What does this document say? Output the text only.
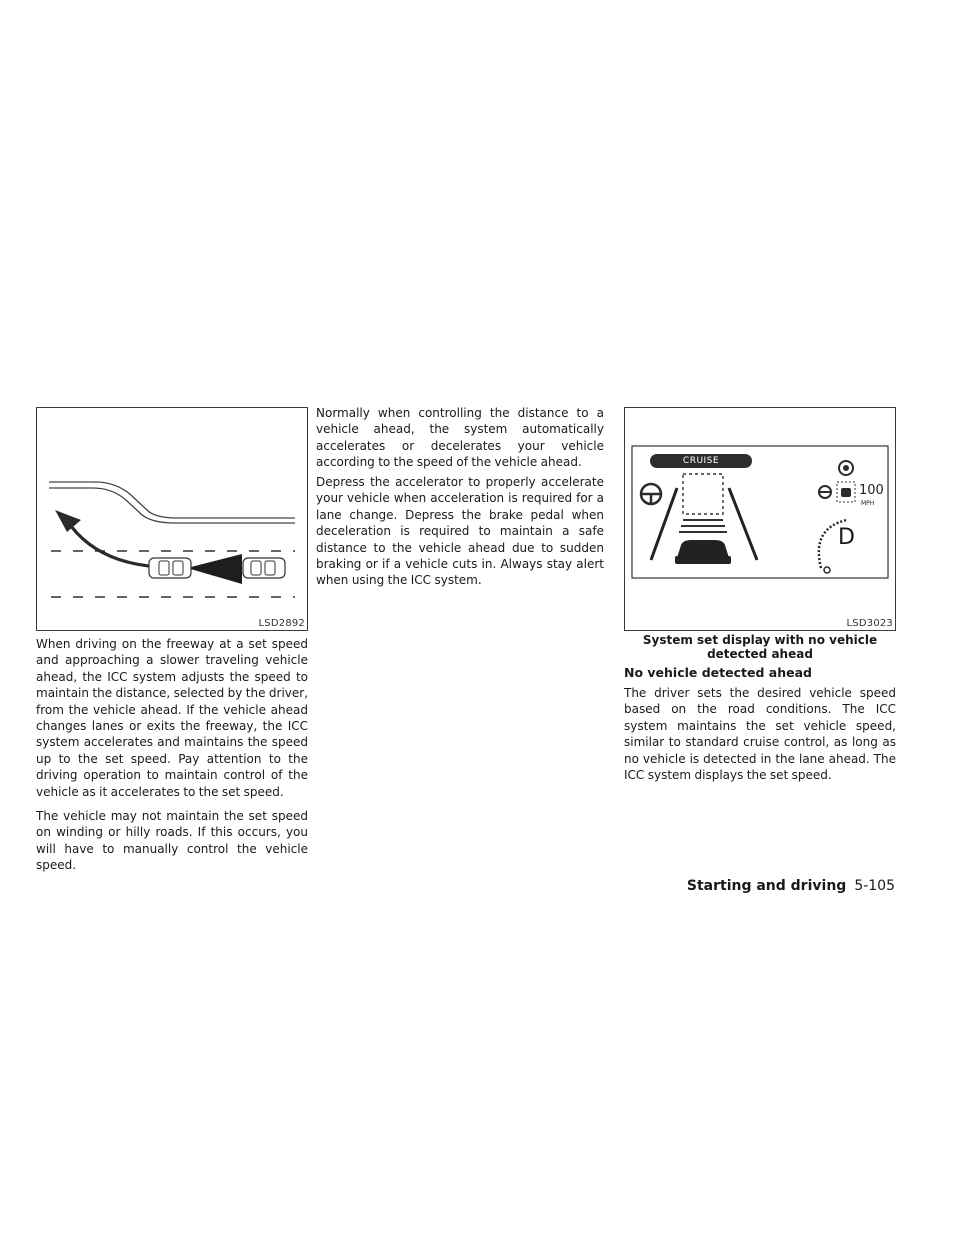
LSD2892

When driving on the freeway at a set speed and approaching a slower traveling vehicle ahead, the ICC system adjusts the speed to maintain the distance, selected by the driver, from the vehicle ahead. If the vehicle ahead changes lanes or exits the freeway, the ICC system accelerates and maintains the speed up to the set speed. Pay attention to the driving operation to maintain control of the vehicle as it accelerates to the set speed.

The vehicle may not maintain the set speed on winding or hilly roads. If this occurs, you will have to manually control the vehicle speed.

Normally when controlling the distance to a vehicle ahead, the system automatically accelerates or decelerates your vehicle according to the speed of the vehicle ahead.

Depress the accelerator to properly accelerate your vehicle when acceleration is required for a lane change. Depress the brake pedal when deceleration is required to maintain a safe distance to the vehicle ahead due to sudden braking or if a vehicle cuts in. Always stay alert when using the ICC system.

CRUISE
100
MPH
D
LSD3023

System set display with no vehicle detected ahead

No vehicle detected ahead

The driver sets the desired vehicle speed based on the road conditions. The ICC system maintains the set vehicle speed, similar to standard cruise control, as long as no vehicle is detected in the lane ahead. The ICC system displays the set speed.

Starting and driving 5-105
